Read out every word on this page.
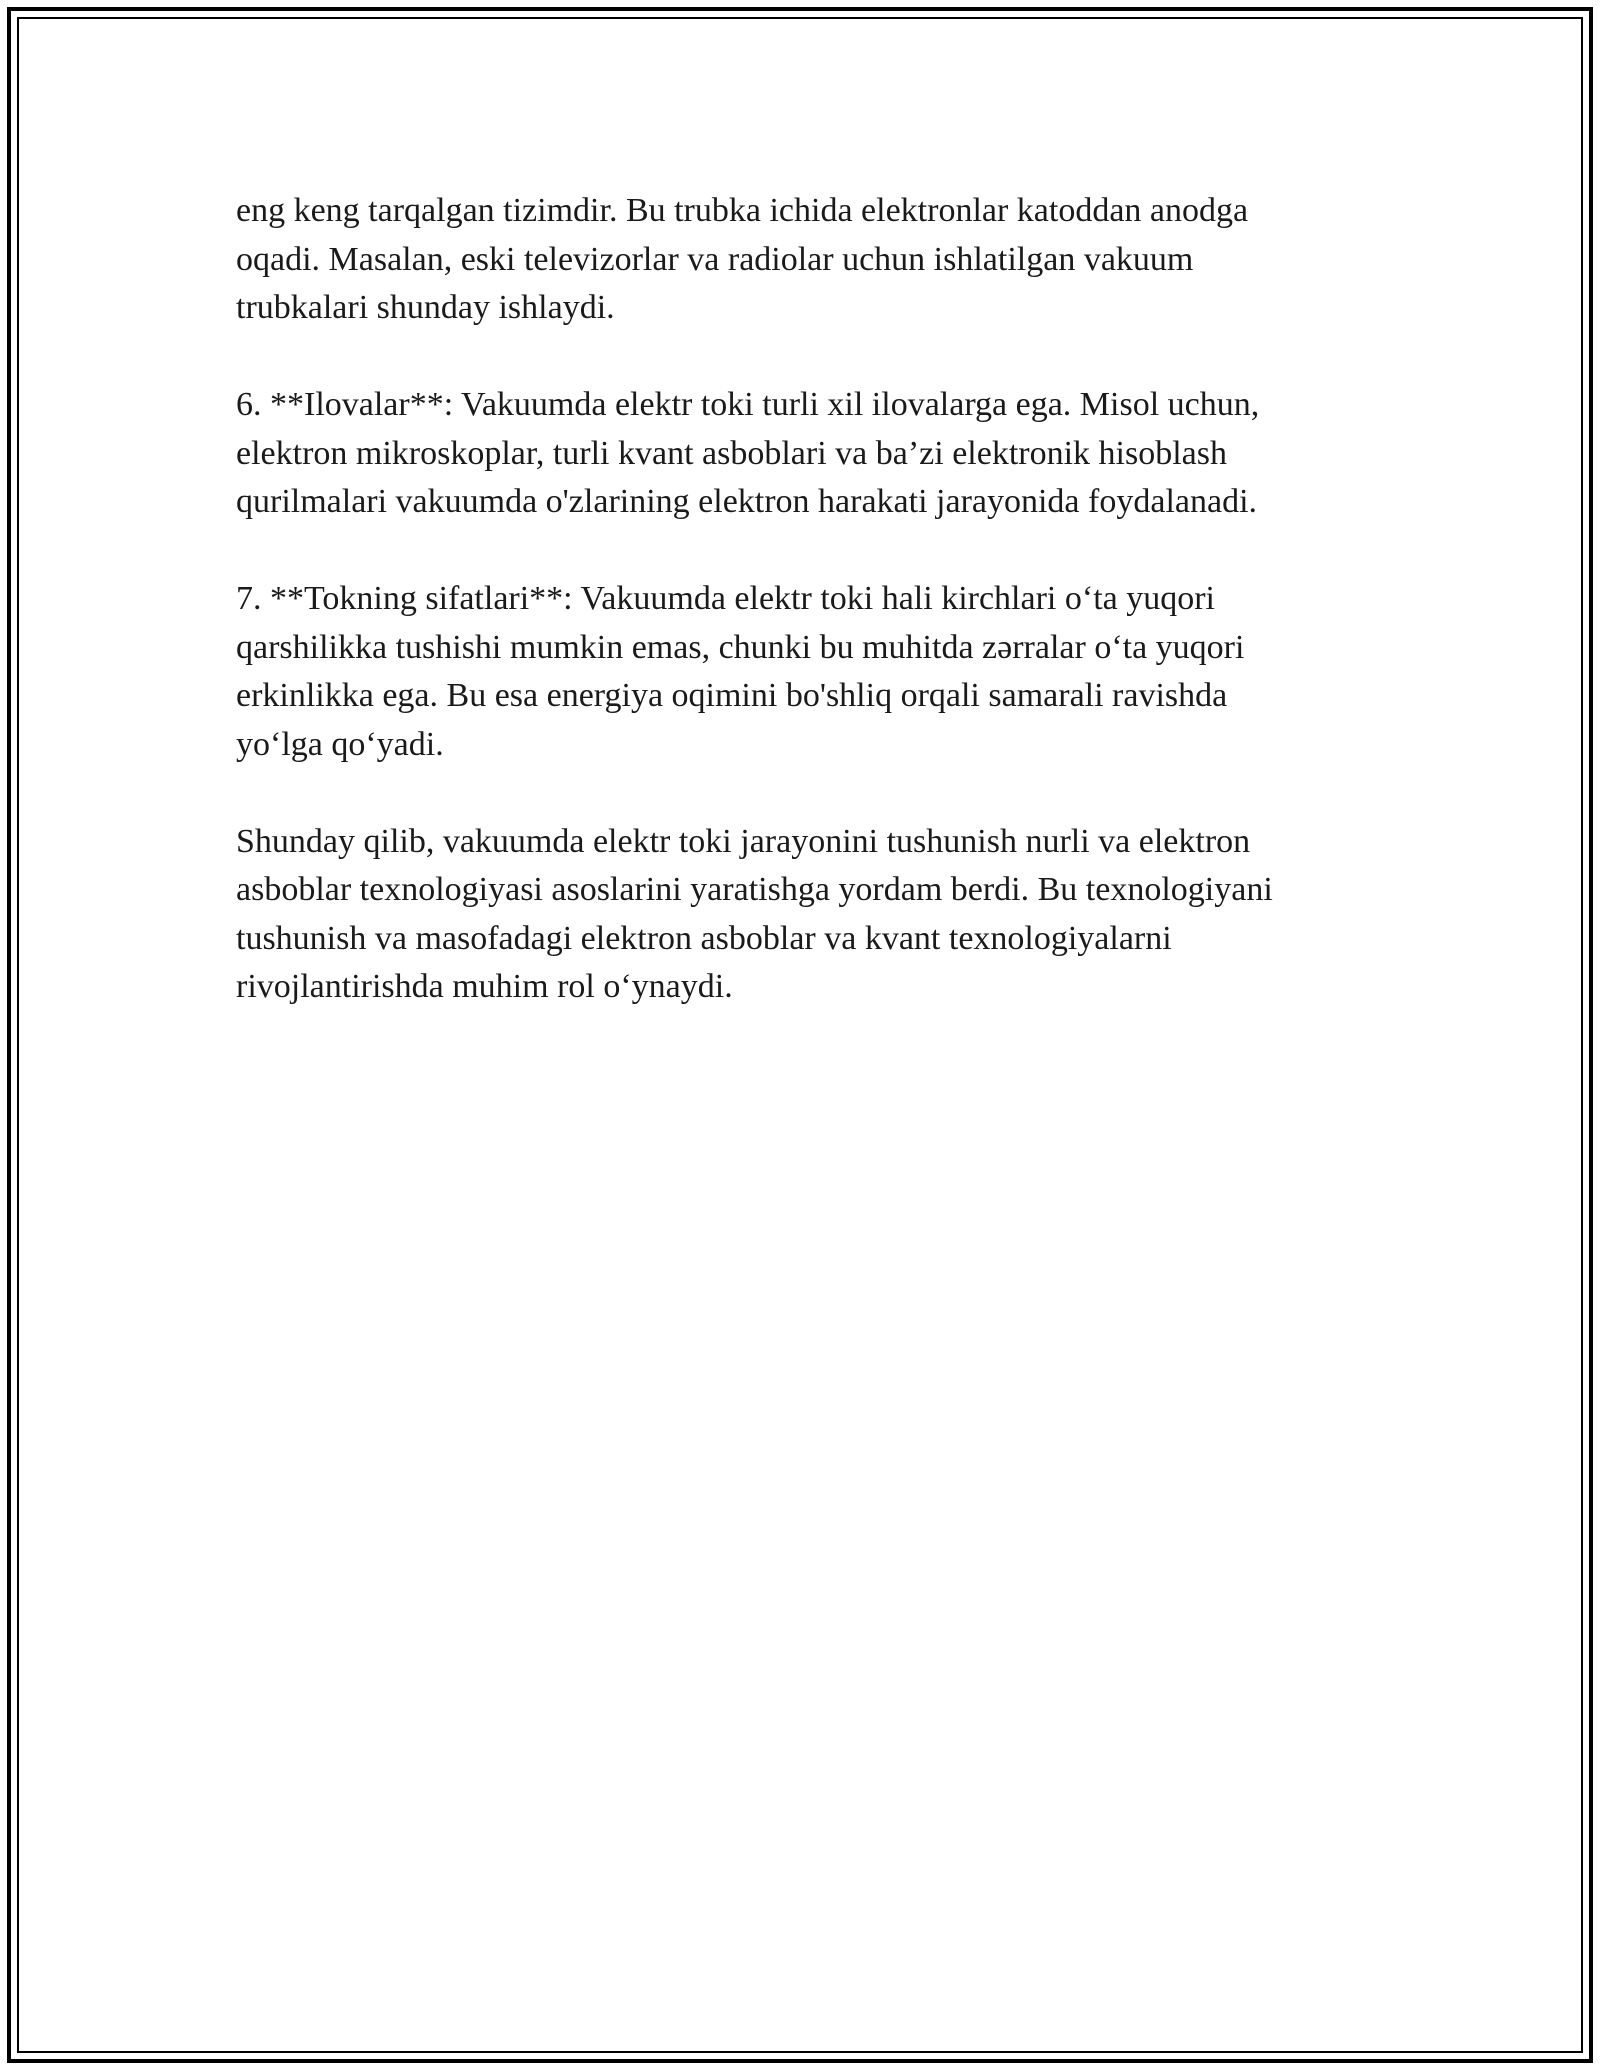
eng keng tarqalgan tizimdir. Bu trubka ichida elektronlar katoddan anodga
oqadi. Masalan, eski televizorlar va radiolar uchun ishlatilgan vakuum
trubkalari shunday ishlaydi.

6. **Ilovalar**: Vakuumda elektr toki turli xil ilovalarga ega. Misol uchun,
elektron mikroskoplar, turli kvant asboblari va ba’zi elektronik hisoblash
qurilmalari vakuumda o'zlarining elektron harakati jarayonida foydalanadi.

7. **Tokning sifatlari**: Vakuumda elektr toki hali kirchlari o‘ta yuqori
qarshilikka tushishi mumkin emas, chunki bu muhitda zərralar o‘ta yuqori
erkinlikka ega. Bu esa energiya oqimini bo'shliq orqali samarali ravishda
yo‘lga qo‘yadi.

Shunday qilib, vakuumda elektr toki jarayonini tushunish nurli va elektron
asboblar texnologiyasi asoslarini yaratishga yordam berdi. Bu texnologiyani
tushunish va masofadagi elektron asboblar va kvant texnologiyalarni
rivojlantirishda muhim rol o‘ynaydi.
